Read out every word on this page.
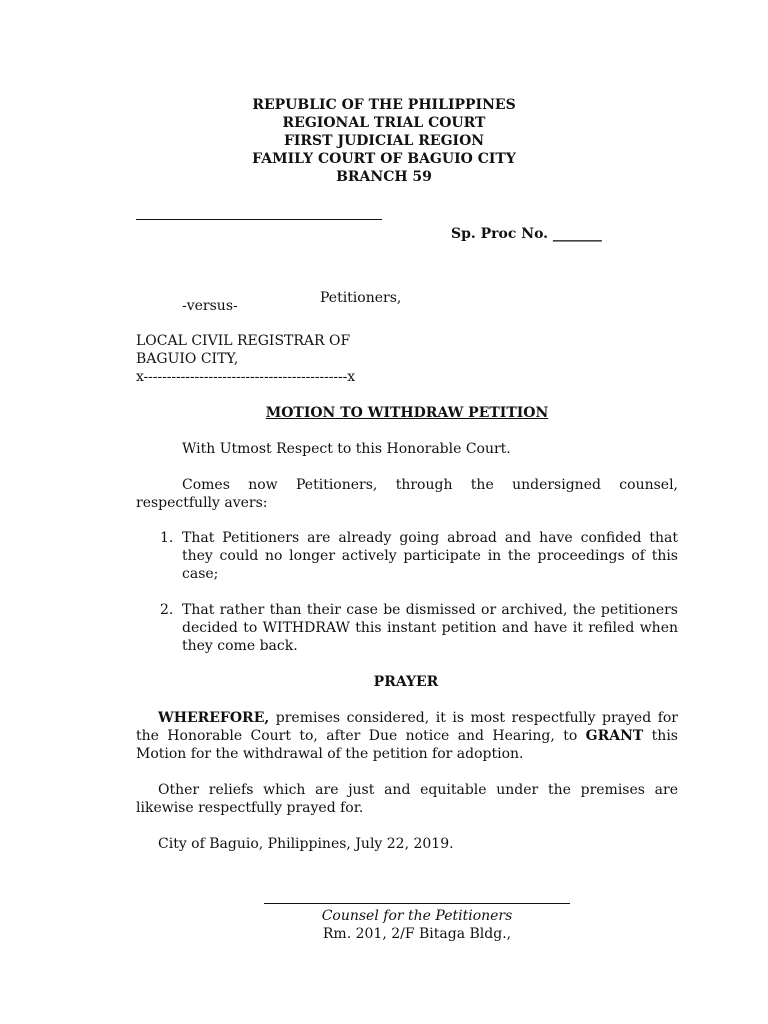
REPUBLIC OF THE PHILIPPINES
REGIONAL TRIAL COURT
FIRST JUDICIAL REGION
FAMILY COURT OF BAGUIO CITY
BRANCH 59

Sp. Proc No. _______

Petitioners,

-versus-

LOCAL CIVIL REGISTRAR OF

BAGUIO CITY,

x--------------------------------------------x

MOTION TO WITHDRAW PETITION

With Utmost Respect to this Honorable Court.

Comes now Petitioners, through the undersigned counsel, respectfully avers:

1. That Petitioners are already going abroad and have confided that they could no longer actively participate in the proceedings of this case;
2. That rather than their case be dismissed or archived, the petitioners decided to WITHDRAW this instant petition and have it refiled when they come back.

PRAYER

WHEREFORE, premises considered, it is most respectfully prayed for the Honorable Court to, after Due notice and Hearing, to GRANT this Motion for the withdrawal of the petition for adoption.

Other reliefs which are just and equitable under the premises are likewise respectfully prayed for.

City of Baguio, Philippines, July 22, 2019.

Counsel for the Petitioners

Rm. 201, 2/F Bitaga Bldg.,
